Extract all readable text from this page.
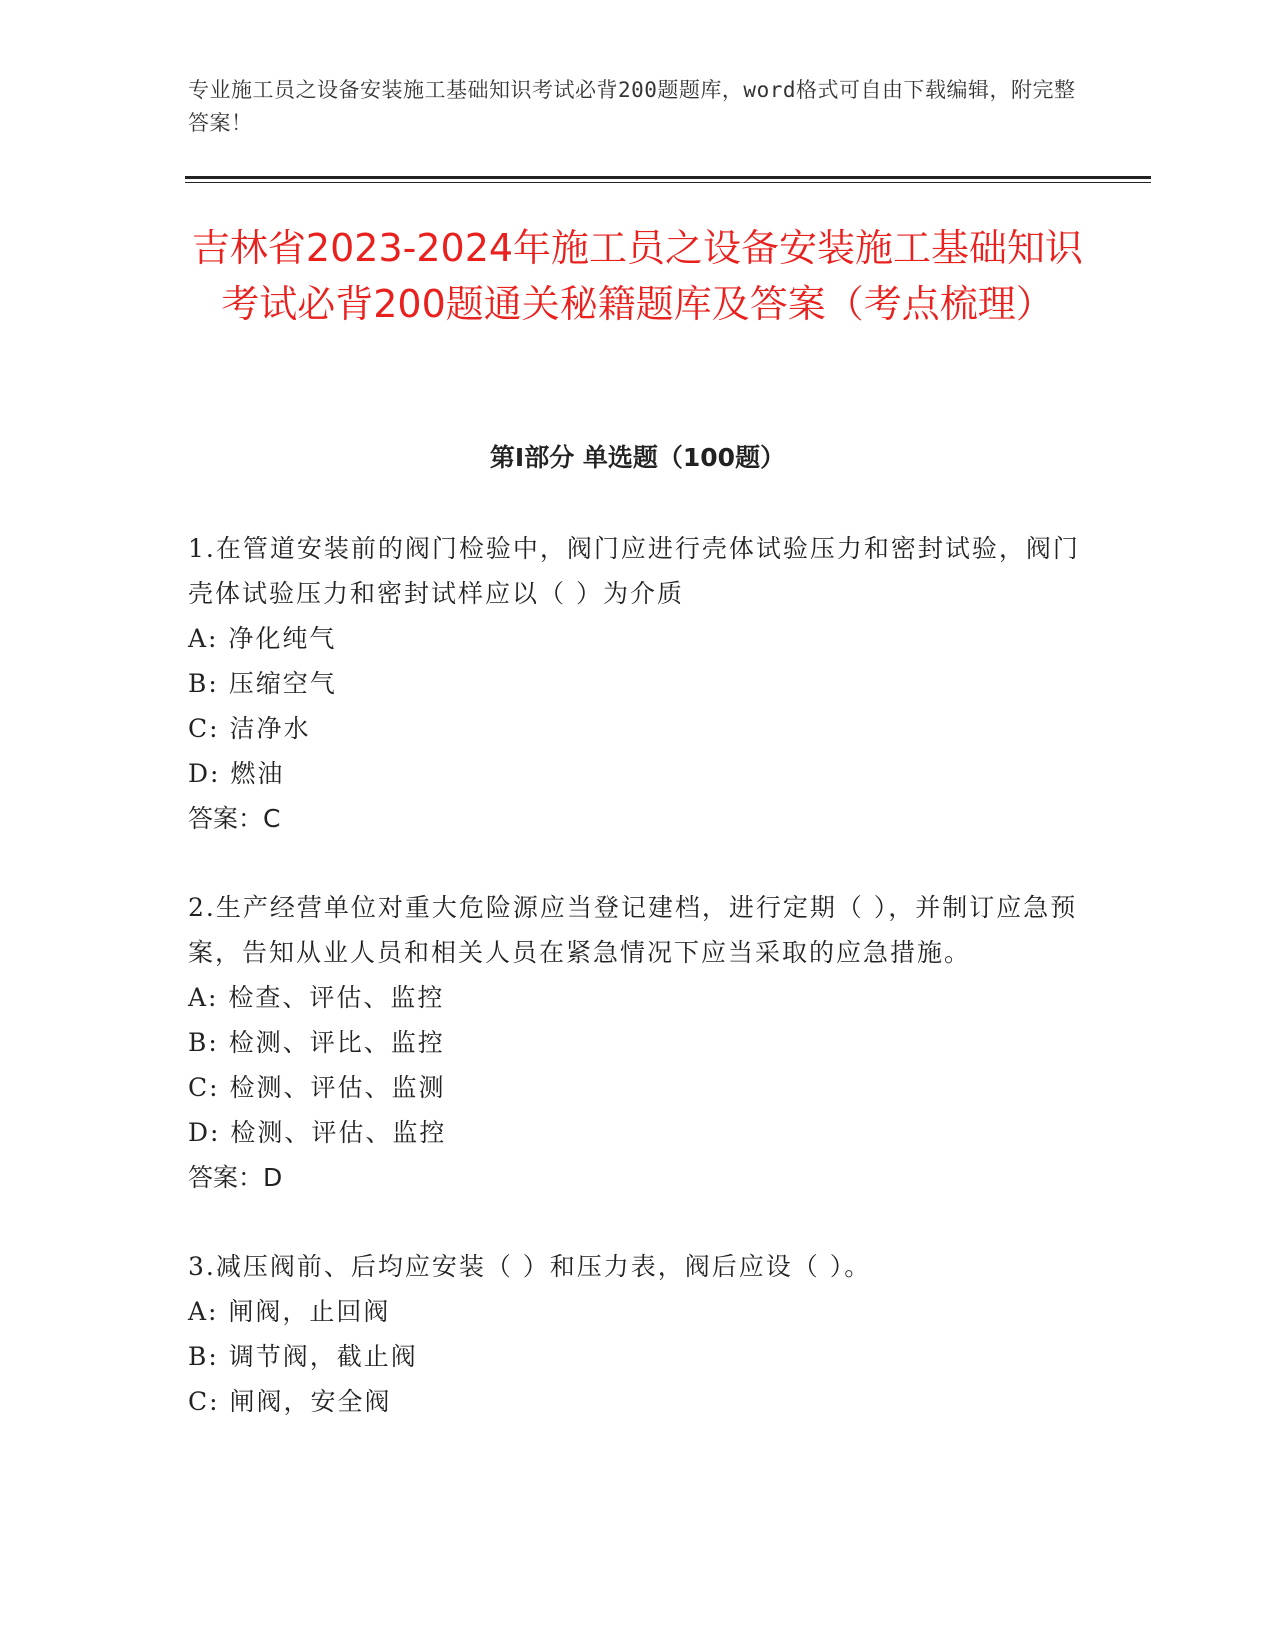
专业施工员之设备安装施工基础知识考试必背200题题库，word格式可自由下载编辑，附完整答案！
吉林省2023-2024年施工员之设备安装施工基础知识考试必背200题通关秘籍题库及答案（考点梳理）
第I部分 单选题（100题）
1.在管道安装前的阀门检验中，阀门应进行壳体试验压力和密封试验，阀门壳体试验压力和密封试样应以（ ）为介质
A: 净化纯气
B: 压缩空气
C: 洁净水
D: 燃油
答案：C
2.生产经营单位对重大危险源应当登记建档，进行定期（ ），并制订应急预案，告知从业人员和相关人员在紧急情况下应当采取的应急措施。
A: 检查、评估、监控
B: 检测、评比、监控
C: 检测、评估、监测
D: 检测、评估、监控
答案：D
3.减压阀前、后均应安装（ ）和压力表，阀后应设（ ）。
A: 闸阀，止回阀
B: 调节阀，截止阀
C: 闸阀，安全阀
